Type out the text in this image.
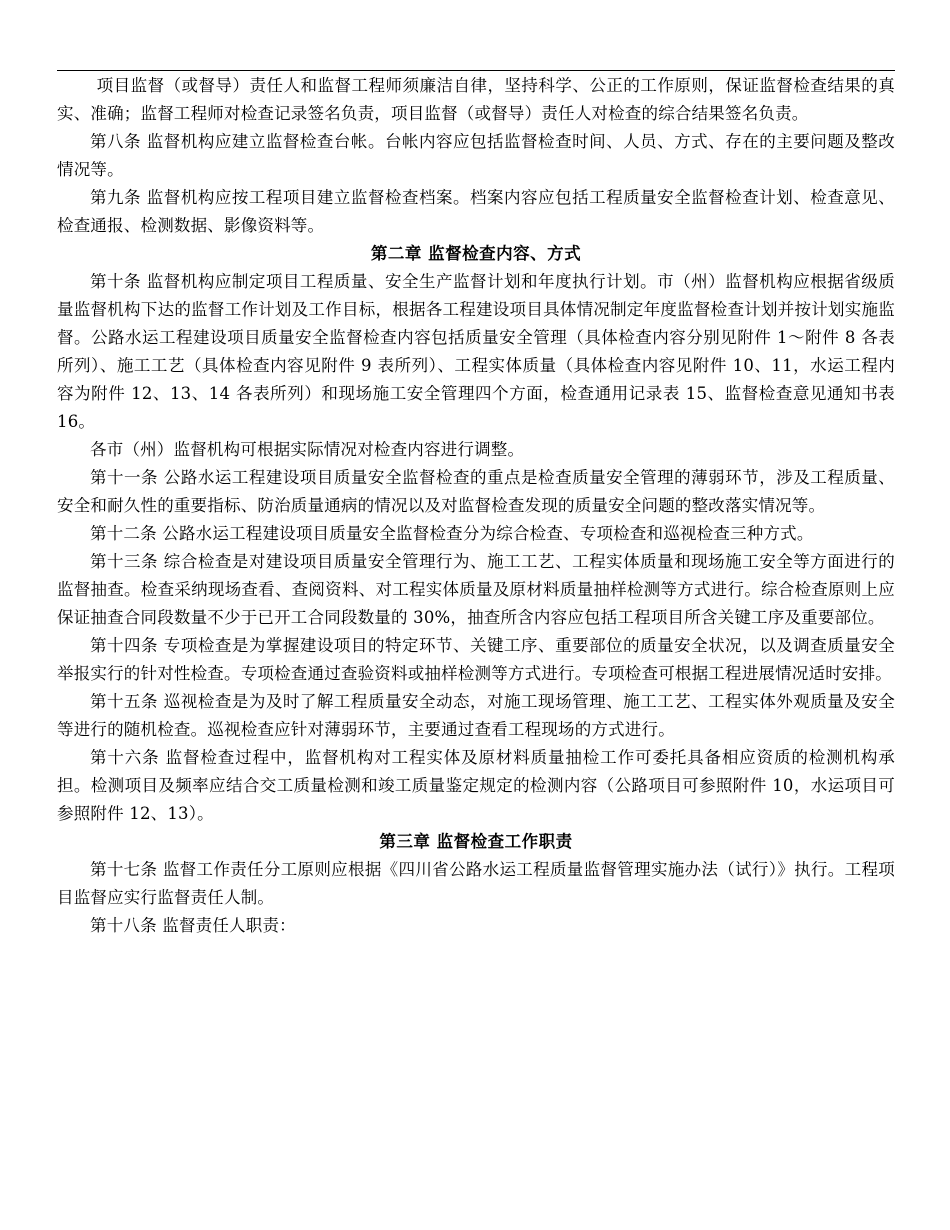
项目监督（或督导）责任人和监督工程师须廉洁自律，坚持科学、公正的工作原则，保证监督检查结果的真实、准确；监督工程师对检查记录签名负责，项目监督（或督导）责任人对检查的综合结果签名负责。

第八条 监督机构应建立监督检查台帐。台帐内容应包括监督检查时间、人员、方式、存在的主要问题及整改情况等。

第九条 监督机构应按工程项目建立监督检查档案。档案内容应包括工程质量安全监督检查计划、检查意见、检查通报、检测数据、影像资料等。

第二章 监督检查内容、方式

第十条 监督机构应制定项目工程质量、安全生产监督计划和年度执行计划。市（州）监督机构应根据省级质量监督机构下达的监督工作计划及工作目标，根据各工程建设项目具体情况制定年度监督检查计划并按计划实施监督。公路水运工程建设项目质量安全监督检查内容包括质量安全管理（具体检查内容分别见附件 1～附件 8 各表所列）、施工工艺（具体检查内容见附件 9 表所列）、工程实体质量（具体检查内容见附件 10、11，水运工程内容为附件 12、13、14 各表所列）和现场施工安全管理四个方面，检查通用记录表 15、监督检查意见通知书表 16。

各市（州）监督机构可根据实际情况对检查内容进行调整。

第十一条 公路水运工程建设项目质量安全监督检查的重点是检查质量安全管理的薄弱环节，涉及工程质量、安全和耐久性的重要指标、防治质量通病的情况以及对监督检查发现的质量安全问题的整改落实情况等。

第十二条 公路水运工程建设项目质量安全监督检查分为综合检查、专项检查和巡视检查三种方式。

第十三条 综合检查是对建设项目质量安全管理行为、施工工艺、工程实体质量和现场施工安全等方面进行的监督抽查。检查采纳现场查看、查阅资料、对工程实体质量及原材料质量抽样检测等方式进行。综合检查原则上应保证抽查合同段数量不少于已开工合同段数量的 30%，抽查所含内容应包括工程项目所含关键工序及重要部位。

第十四条 专项检查是为掌握建设项目的特定环节、关键工序、重要部位的质量安全状况，以及调查质量安全举报实行的针对性检查。专项检查通过查验资料或抽样检测等方式进行。专项检查可根据工程进展情况适时安排。

第十五条 巡视检查是为及时了解工程质量安全动态，对施工现场管理、施工工艺、工程实体外观质量及安全等进行的随机检查。巡视检查应针对薄弱环节，主要通过查看工程现场的方式进行。

第十六条 监督检查过程中，监督机构对工程实体及原材料质量抽检工作可委托具备相应资质的检测机构承担。检测项目及频率应结合交工质量检测和竣工质量鉴定规定的检测内容（公路项目可参照附件 10，水运项目可参照附件 12、13）。

第三章 监督检查工作职责

第十七条 监督工作责任分工原则应根据《四川省公路水运工程质量监督管理实施办法（试行）》执行。工程项目监督应实行监督责任人制。

第十八条 监督责任人职责：
